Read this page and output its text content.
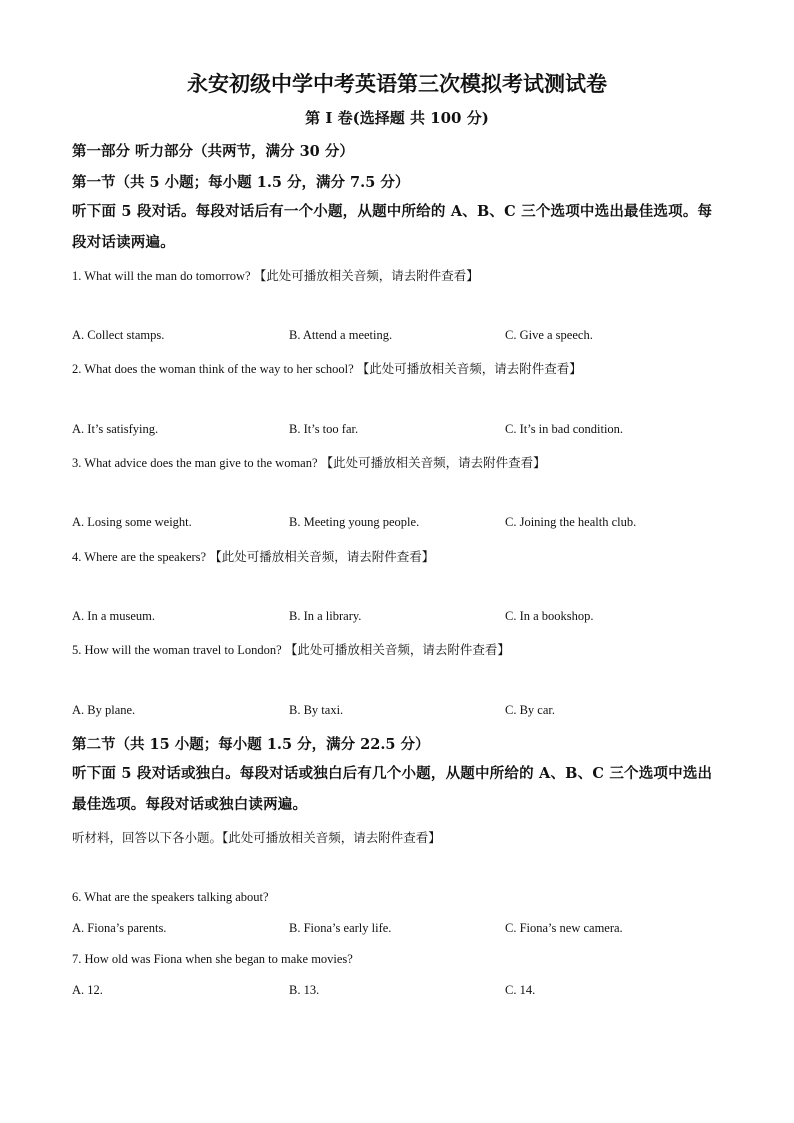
永安初级中学中考英语第三次模拟考试测试卷
第 I 卷(选择题 共 100 分)
第一部分 听力部分（共两节，满分 30 分）
第一节（共 5 小题；每小题 1.5 分，满分 7.5 分）
听下面 5 段对话。每段对话后有一个小题，从题中所给的 A、B、C 三个选项中选出最佳选项。每段对话读两遍。
1. What will the man do tomorrow? 【此处可播放相关音频，请去附件查看】
A. Collect stamps.	B. Attend a meeting.	C. Give a speech.
2. What does the woman think of the way to her school? 【此处可播放相关音频，请去附件查看】
A. It’s satisfying.	B. It’s too far.	C. It’s in bad condition.
3. What advice does the man give to the woman? 【此处可播放相关音频，请去附件查看】
A. Losing some weight.	B. Meeting young people.	C. Joining the health club.
4. Where are the speakers? 【此处可播放相关音频，请去附件查看】
A. In a museum.	B. In a library.	C. In a bookshop.
5. How will the woman travel to London? 【此处可播放相关音频，请去附件查看】
A. By plane.	B. By taxi.	C. By car.
第二节（共 15 小题；每小题 1.5 分，满分 22.5 分）
听下面 5 段对话或独白。每段对话或独白后有几个小题，从题中所给的 A、B、C 三个选项中选出最佳选项。每段对话或独白读两遍。
听材料，回答以下各小题。【此处可播放相关音频，请去附件查看】
6. What are the speakers talking about?
A. Fiona’s parents.	B. Fiona’s early life.	C. Fiona’s new camera.
7. How old was Fiona when she began to make movies?
A. 12.	B. 13.	C. 14.
